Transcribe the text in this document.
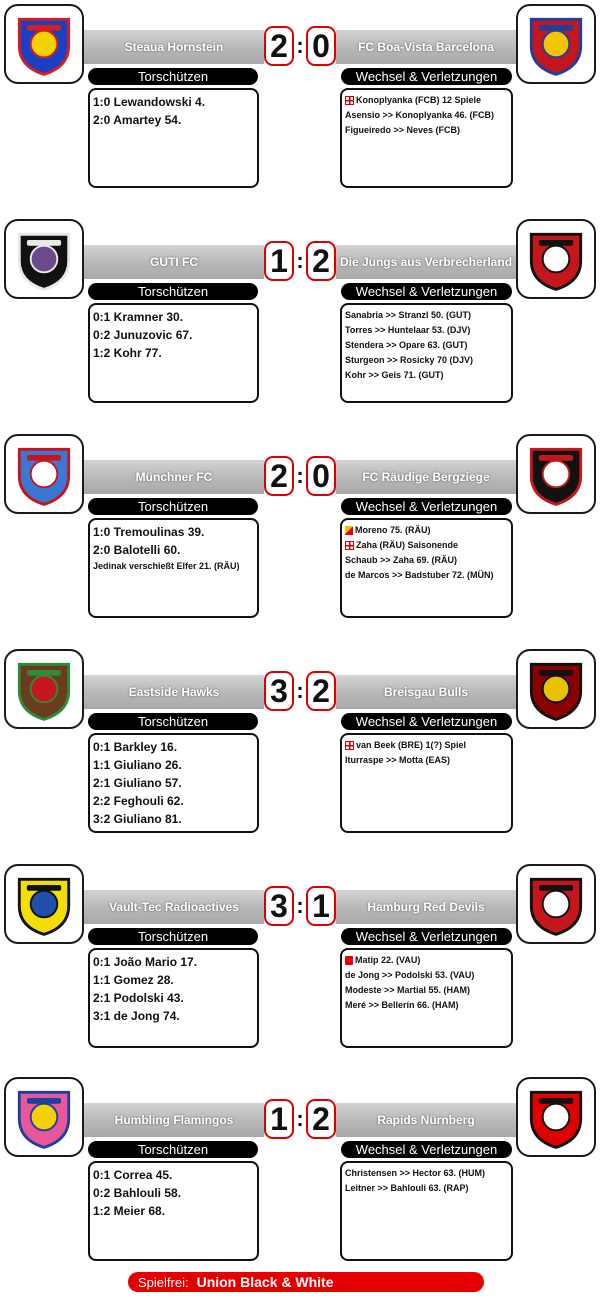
Steaua Hornstein	2 : 0	FC Boa-Vista Barcelona
Torschützen	Wechsel & Verletzungen
1:0 Lewandowski 4.
2:0 Amartey 54.
Konoplyanka (FCB) 12 Spiele
Asensio >> Konoplyanka 46. (FCB)
Figueiredo >> Neves (FCB)
GUTI FC	1 : 2 Die Jungs aus Verbrecherland
Torschützen	Wechsel & Verletzungen
0:1 Kramner 30.
0:2 Junuzovic 67.
1:2 Kohr 77.
Sanabria >> Stranzl 50. (GUT)
Torres >> Huntelaar 53. (DJV)
Stendera >> Opare 63. (GUT)
Sturgeon >> Rosicky 70 (DJV)
Kohr >> Geis 71. (GUT)
Münchner FC	2 : 0	FC Räudige Bergziege
Torschützen	Wechsel & Verletzungen
1:0 Tremoulinas 39.
2:0 Balotelli 60.
Jedinak verschießt Elfer 21. (RÄU)
Moreno 75. (RÄU)
Zaha (RÄU) Saisonende
Schaub >> Zaha 69. (RÄU)
de Marcos >> Badstuber 72. (MÜN)
Eastside Hawks	3 : 2	Breisgau Bulls
Torschützen	Wechsel & Verletzungen
0:1 Barkley 16.
1:1 Giuliano 26.
2:1 Giuliano 57.
2:2 Feghouli 62.
3:2 Giuliano 81.
van Beek (BRE) 1(?) Spiel
Iturraspe >> Motta (EAS)
Vault-Tec Radioactives 3 : 1	Hamburg Red Devils
Torschützen	Wechsel & Verletzungen
0:1 João Mario 17.
1:1 Gomez 28.
2:1 Podolski 43.
3:1 de Jong 74.
Matip 22. (VAU)
de Jong >> Podolski 53. (VAU)
Modeste >> Martial 55. (HAM)
Meré >> Bellerín 66. (HAM)
Humbling Flamingos	1 : 2	Rapids Nürnberg
Torschützen	Wechsel & Verletzungen
0:1 Correa 45.
0:2 Bahlouli 58.
1:2 Meier 68.
Christensen >> Hector 63. (HUM)
Leitner >> Bahlouli 63. (RAP)
Spielfrei: Union Black & White
